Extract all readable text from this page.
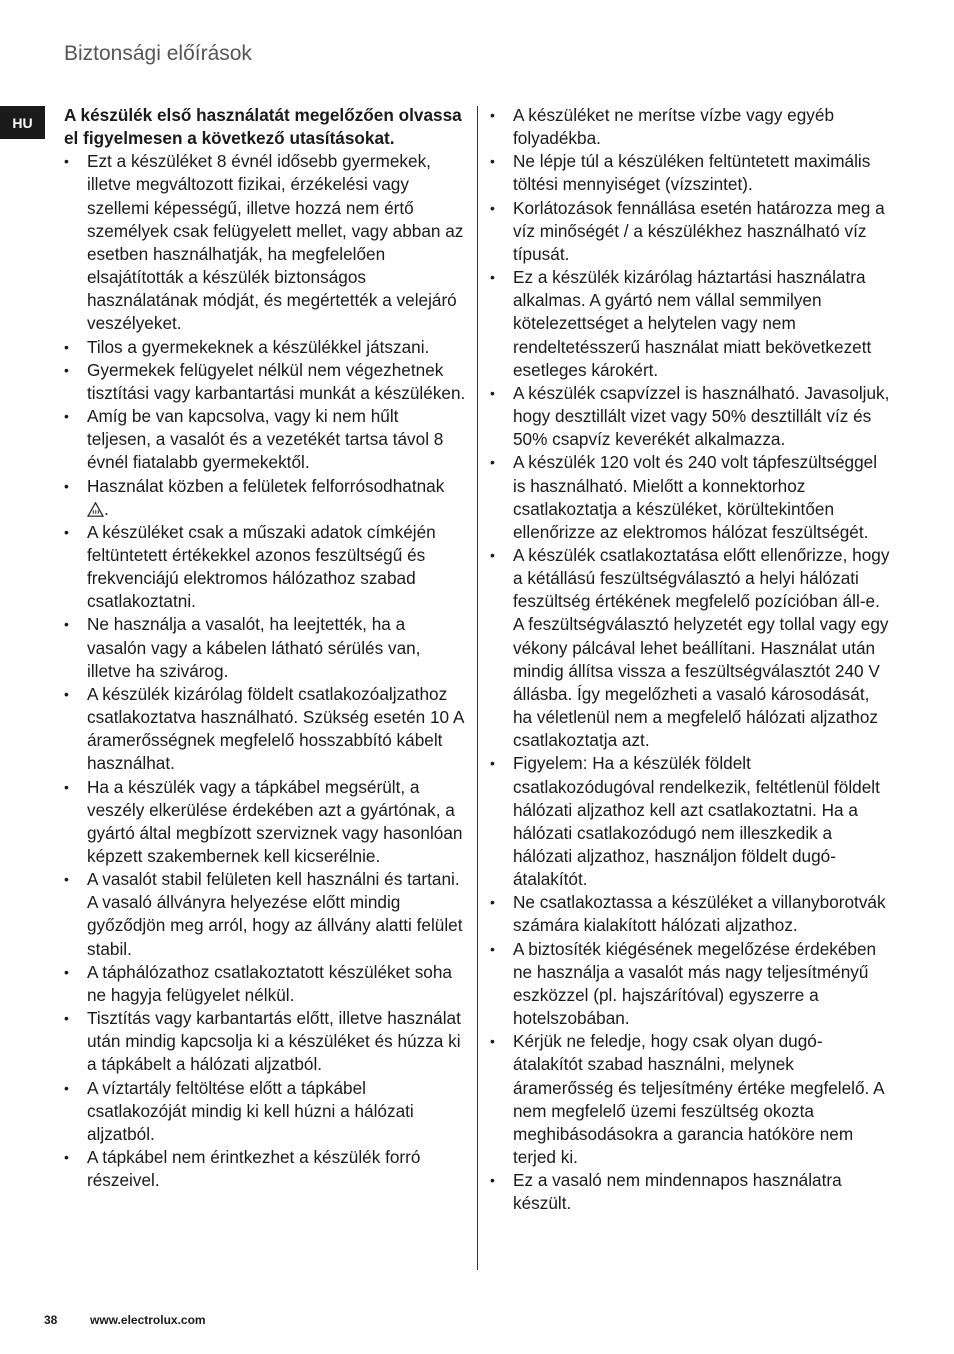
Biztonsági előírások
HU	A készülék első használatát megelőzően olvassa el figyelmesen a következő utasításokat.

• Ezt a készüléket 8 évnél idősebb gyermekek, illetve megváltozott fizikai, érzékelési vagy szellemi képességű, illetve hozzá nem értő személyek csak felügyelett mellet, vagy abban az esetben használhatják, ha megfelelően elsajátították a készülék biztonságos használatának módját, és megértették a velejáró veszélyeket.
• Tilos a gyermekeknek a készülékkel játszani.
• Gyermekek felügyelet nélkül nem végezhetnek tisztítási vagy karbantartási munkát a készüléken.
• Amíg be van kapcsolva, vagy ki nem hűlt teljesen, a vasalót és a vezetékét tartsa távol 8 évnél fiatalabb gyermekektől.
• Használat közben a felületek felforrósodhatnak .
• A készüléket csak a műszaki adatok címkéjén feltüntetett értékekkel azonos feszültségű és frekvenciájú elektromos hálózathoz szabad csatlakoztatni.
• Ne használja a vasalót, ha leejtették, ha a vasalón vagy a kábelen látható sérülés van, illetve ha szivárog.
• A készülék kizárólag földelt csatlakozóaljzathoz csatlakoztatva használható. Szükség esetén 10 A áramerősségnek megfelelő hosszabbító kábelt használhat.
• Ha a készülék vagy a tápkábel megsérült, a veszély elkerülése érdekében azt a gyártónak, a gyártó által megbízott szerviznek vagy hasonlóan képzett szakembernek kell kicserélnie.
• A vasalót stabil felületen kell használni és tartani. A vasaló állványra helyezése előtt mindig győződjön meg arról, hogy az állvány alatti felület stabil.
• A táphálózathoz csatlakoztatott készüléket soha ne hagyja felügyelet nélkül.
• Tisztítás vagy karbantartás előtt, illetve használat után mindig kapcsolja ki a készüléket és húzza ki a tápkábelt a hálózati aljzatból.
• A víztartály feltöltése előtt a tápkábel csatlakozóját mindig ki kell húzni a hálózati aljzatból.
• A tápkábel nem érintkezhet a készülék forró részeivel.
• A készüléket ne merítse vízbe vagy egyéb folyadékba.
• Ne lépje túl a készüléken feltüntetett maximális töltési mennyiséget (vízszintet).
• Korlátozások fennállása esetén határozza meg a víz minőségét / a készülékhez használható víz típusát.
• Ez a készülék kizárólag háztartási használatra alkalmas. A gyártó nem vállal semmilyen kötelezettséget a helytelen vagy nem rendeltetésszerű használat miatt bekövetkezett esetleges károkért.
• A készülék csapvízzel is használható. Javasoljuk, hogy desztillált vizet vagy 50% desztillált víz és 50% csapvíz keverékét alkalmazza.
• A készülék 120 volt és 240 volt tápfeszültséggel is használható. Mielőtt a konnektorhoz csatlakoztatja a készüléket, körültekintően ellenőrizze az elektromos hálózat feszültségét.
• A készülék csatlakoztatása előtt ellenőrizze, hogy a kétállású feszültségválasztó a helyi hálózati feszültség értékének megfelelő pozícióban áll-e. A feszültségválasztó helyzetét egy tollal vagy egy vékony pálcával lehet beállítani. Használat után mindig állítsa vissza a feszültségválasztót 240 V állásba. Így megelőzheti a vasaló károsodását, ha véletlenül nem a megfelelő hálózati aljzathoz csatlakoztatja azt.
• Figyelem: Ha a készülék földelt csatlakozódugóval rendelkezik, feltétlenül földelt hálózati aljzathoz kell azt csatlakoztatni. Ha a hálózati csatlakozódugó nem illeszkedik a hálózati aljzathoz, használjon földelt dugó-átalakítót.
• Ne csatlakoztassa a készüléket a villanyborotvák számára kialakított hálózati aljzathoz.
• A biztosíték kiégésének megelőzése érdekében ne használja a vasalót más nagy teljesítményű eszközzel (pl. hajszárítóval) egyszerre a hotelszobában.
• Kérjük ne feledje, hogy csak olyan dugó-átalakítót szabad használni, melynek áramerősség és teljesítmény értéke megfelelő. A nem megfelelő üzemi feszültség okozta meghibásodásokra a garancia hatóköre nem terjed ki.
• Ez a vasaló nem mindennapos használatra készült.
38	www.electrolux.com
